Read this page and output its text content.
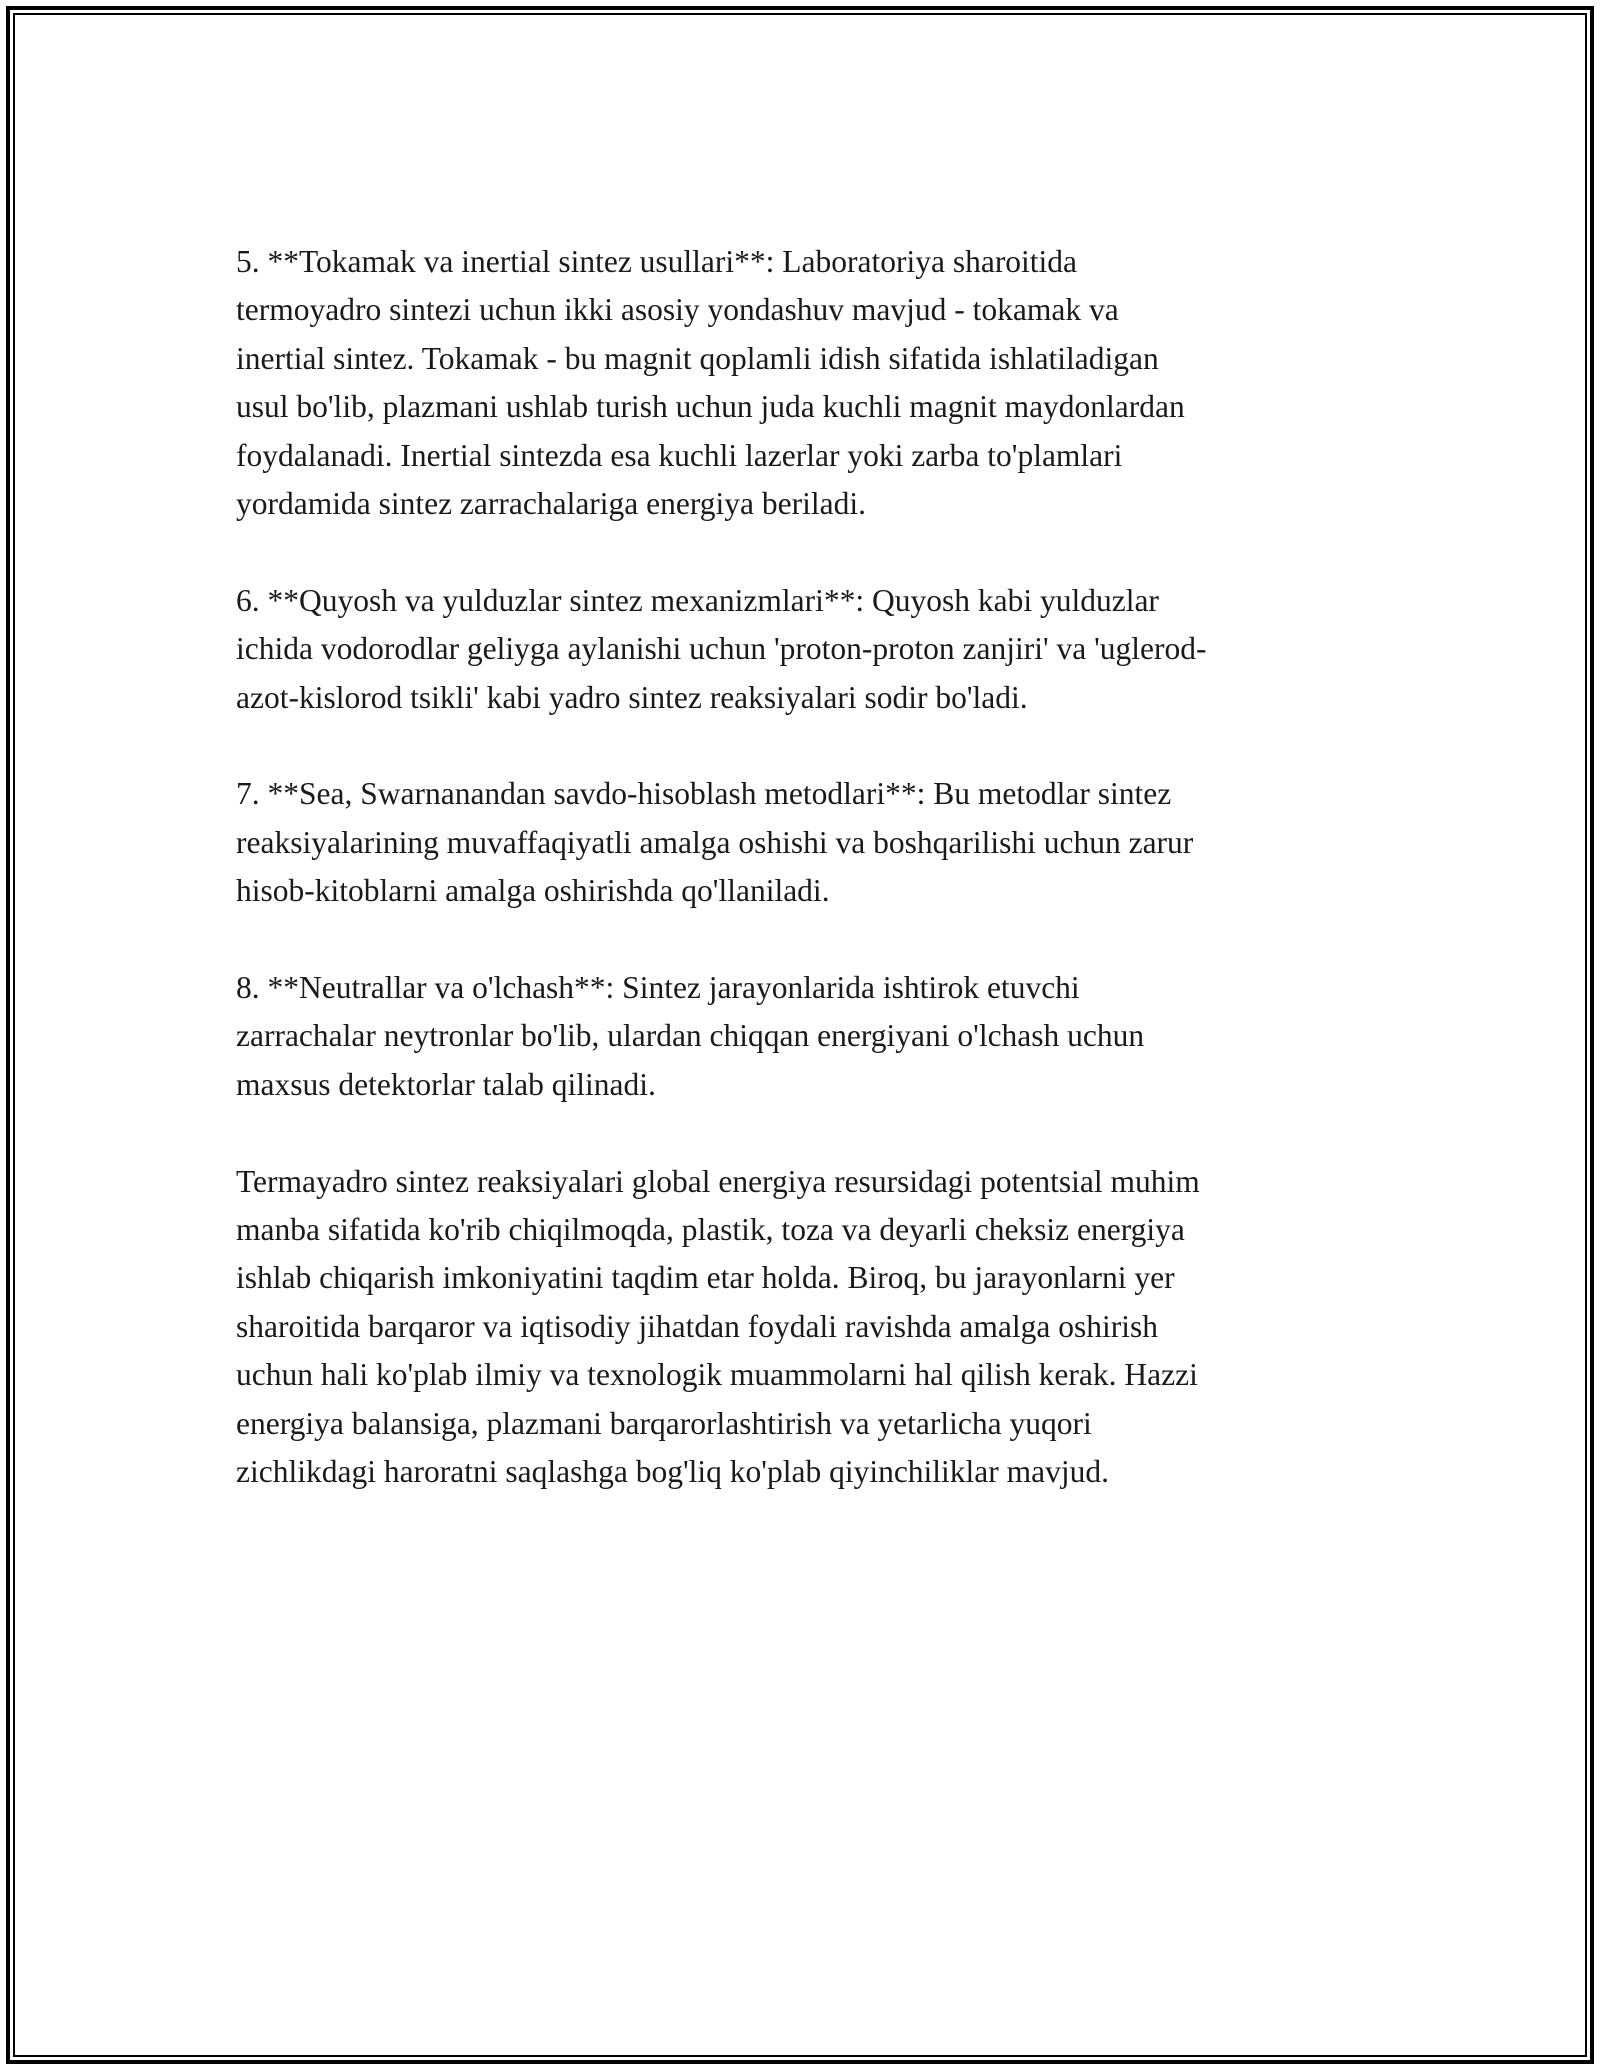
5. **Tokamak va inertial sintez usullari**: Laboratoriya sharoitida
termoyadro sintezi uchun ikki asosiy yondashuv mavjud - tokamak va
inertial sintez. Tokamak - bu magnit qoplamli idish sifatida ishlatiladigan
usul bo'lib, plazmani ushlab turish uchun juda kuchli magnit maydonlardan
foydalanadi. Inertial sintezda esa kuchli lazerlar yoki zarba to'plamlari
yordamida sintez zarrachalariga energiya beriladi.

6. **Quyosh va yulduzlar sintez mexanizmlari**: Quyosh kabi yulduzlar
ichida vodorodlar geliyga aylanishi uchun 'proton-proton zanjiri' va 'uglerod-
azot-kislorod tsikli' kabi yadro sintez reaksiyalari sodir bo'ladi.

7. **Sea, Swarnanandan savdo-hisoblash metodlari**: Bu metodlar sintez
reaksiyalarining muvaffaqiyatli amalga oshishi va boshqarilishi uchun zarur
hisob-kitoblarni amalga oshirishda qo'llaniladi.

8. **Neutrallar va o'lchash**: Sintez jarayonlarida ishtirok etuvchi
zarrachalar neytronlar bo'lib, ulardan chiqqan energiyani o'lchash uchun
maxsus detektorlar talab qilinadi.

Termayadro sintez reaksiyalari global energiya resursidagi potentsial muhim
manba sifatida ko'rib chiqilmoqda, plastik, toza va deyarli cheksiz energiya
ishlab chiqarish imkoniyatini taqdim etar holda. Biroq, bu jarayonlarni yer
sharoitida barqaror va iqtisodiy jihatdan foydali ravishda amalga oshirish
uchun hali ko'plab ilmiy va texnologik muammolarni hal qilish kerak. Hazzi
energiya balansiga, plazmani barqarorlashtirish va yetarlicha yuqori
zichlikdagi haroratni saqlashga bog'liq ko'plab qiyinchiliklar mavjud.
